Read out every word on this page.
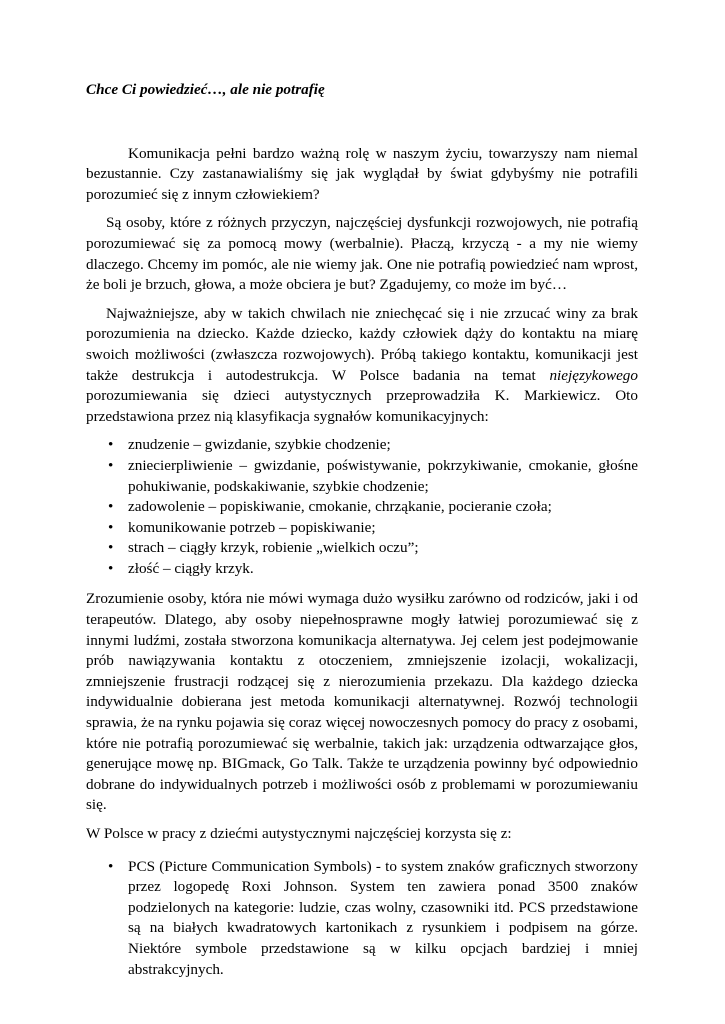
Chce Ci powiedzieć…, ale nie potrafię

Komunikacja pełni bardzo ważną rolę w naszym życiu, towarzyszy nam niemal bezustannie. Czy zastanawialiśmy się jak wyglądał by świat gdybyśmy nie potrafili porozumieć się z innym człowiekiem?

Są osoby, które z różnych przyczyn, najczęściej dysfunkcji rozwojowych, nie potrafią porozumiewać się za pomocą mowy (werbalnie). Płaczą, krzyczą - a my nie wiemy dlaczego. Chcemy im pomóc, ale nie wiemy jak. One nie potrafią powiedzieć nam wprost, że boli je brzuch, głowa, a może obciera je but? Zgadujemy, co może im być…

Najważniejsze, aby w takich chwilach nie zniechęcać się i nie zrzucać winy za brak porozumienia na dziecko. Każde dziecko, każdy człowiek dąży do kontaktu na miarę swoich możliwości (zwłaszcza rozwojowych). Próbą takiego kontaktu, komunikacji jest także destrukcja i autodestrukcja. W Polsce badania na temat niejęzykowego porozumiewania się dzieci autystycznych przeprowadziła K. Markiewicz. Oto przedstawiona przez nią klasyfikacja sygnałów komunikacyjnych:

• znudzenie – gwizdanie, szybkie chodzenie;
• zniecierpliwienie – gwizdanie, poświstywanie, pokrzykiwanie, cmokanie, głośne pohukiwanie, podskakiwanie, szybkie chodzenie;
• zadowolenie – popiskiwanie, cmokanie, chrząkanie, pocieranie czoła;
• komunikowanie potrzeb – popiskiwanie;
• strach – ciągły krzyk, robienie „wielkich oczu”;
• złość – ciągły krzyk.

Zrozumienie osoby, która nie mówi wymaga dużo wysiłku zarówno od rodziców, jaki i od terapeutów. Dlatego, aby osoby niepełnosprawne mogły łatwiej porozumiewać się z innymi ludźmi, została stworzona komunikacja alternatywa. Jej celem jest podejmowanie prób nawiązywania kontaktu z otoczeniem, zmniejszenie izolacji, wokalizacji, zmniejszenie frustracji rodzącej się z nierozumienia przekazu. Dla każdego dziecka indywidualnie dobierana jest metoda komunikacji alternatywnej. Rozwój technologii sprawia, że na rynku pojawia się coraz więcej nowoczesnych pomocy do pracy z osobami, które nie potrafią porozumiewać się werbalnie, takich jak: urządzenia odtwarzające głos, generujące mowę np. BIGmack, Go Talk. Także te urządzenia powinny być odpowiednio dobrane do indywidualnych potrzeb i możliwości osób z problemami w porozumiewaniu się.

W Polsce w pracy z dziećmi autystycznymi najczęściej korzysta się z:

• PCS (Picture Communication Symbols) - to system znaków graficznych stworzony przez logopedę Roxi Johnson. System ten zawiera ponad 3500 znaków podzielonych na kategorie: ludzie, czas wolny, czasowniki itd. PCS przedstawione są na białych kwadratowych kartonikach z rysunkiem i podpisem na górze. Niektóre symbole przedstawione są w kilku opcjach bardziej i mniej abstrakcyjnych.
